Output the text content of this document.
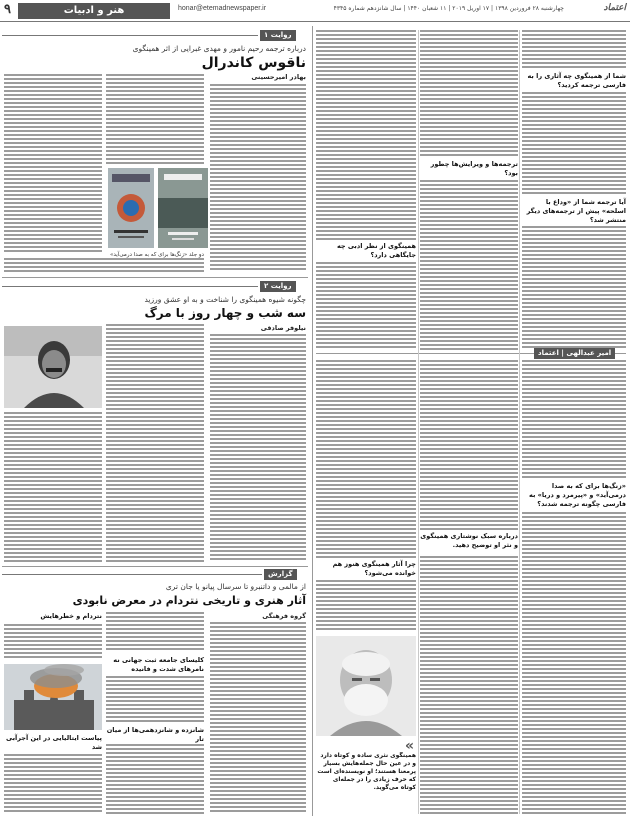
۹	هنر و ادبیات	honar@etemadnewspaper.ir	چهارشنبه ۲۸ فروردین ۱۳۹۸ | ۱۷ آوریل ۲۰۱۹ | ۱۱ شعبان ۱۴۴۰ | سال شانزدهم شماره ۴۳۴۵	اعتماد
روایت ۱
درباره ترجمه رحیم نامور و مهدی غبرایی از اثر همینگوی
ناقوس کاندرال
بهادر امیرحسینی
دو جلد «زنگ‌ها برای که به صدا درمی‌آید»
روایت ۲
چگونه شیوه همینگوی را شناخت و به او عشق ورزید
سه شب و چهار روز با مرگ
نیلوفر صادقی
گزارش
از مالمی و داتنبرو تا سرسال پیانو یا جان تری
آثار هنری و تاریخی نتردام در معرض نابودی
گروه فرهنگی
کلیسای جامعه ثبت جهانی نه نامرهای شدت و فانیده
شانزده و شانزدهمی‌ها از میان تار
نتردام و خطرهایش
پیاست ایتالیایی در این آجرآبی شد
شما از همینگوی چه آثاری را به فارسی ترجمه کردید؟
آیا ترجمه شما از «وداع با اسلحه» پیش از ترجمه‌های دیگر منتشر شد؟
ترجمه‌ها و ویرایش‌ها چطور بود؟
همینگوی از نظر ادبی چه جایگاهی دارد؟
امیر عبدالهی | اعتماد
«زنگ‌ها برای که به صدا درمی‌آید» و «پیرمرد و دریا» به فارسی چگونه ترجمه شدند؟
درباره سبک نوشتاری همینگوی و نثر او توضیح دهید.
چرا آثار همینگوی هنوز هم خوانده می‌شود؟
«
همینگوی نثری ساده و کوتاه دارد و در عین حال جمله‌هایش بسیار پرمعنا هستند؛ او نویسنده‌ای است که حرف زیادی را در جمله‌ای کوتاه می‌گوید.
